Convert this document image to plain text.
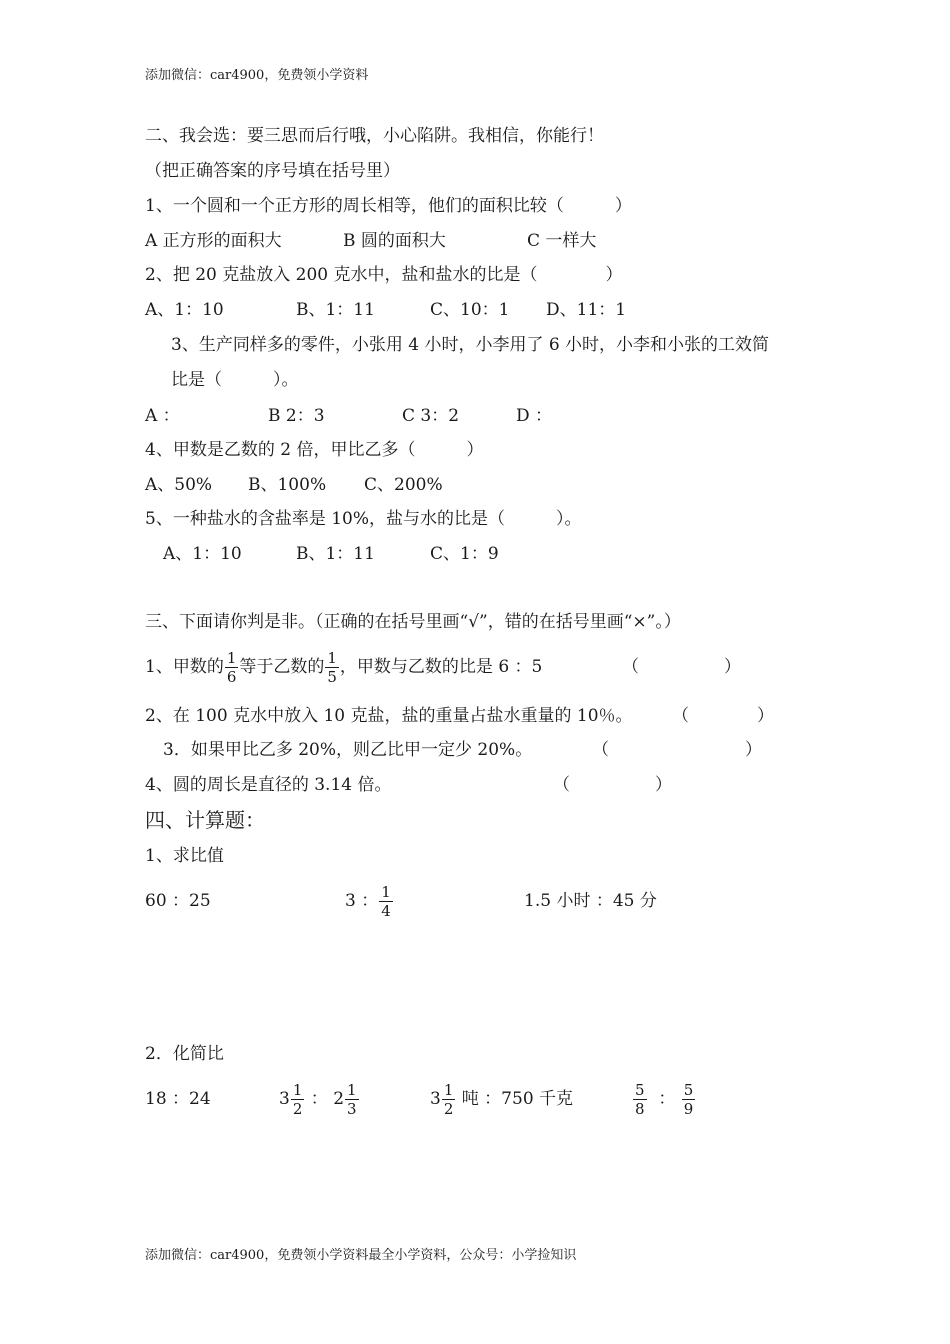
添加微信：car4900，免费领小学资料
二、我会选：要三思而后行哦，小心陷阱。我相信，你能行！
（把正确答案的序号填在括号里）
1、一个圆和一个正方形的周长相等，他们的面积比较（　　　）
A 正方形的面积大	B 圆的面积大	C 一样大
2、把 20 克盐放入 200 克水中，盐和盐水的比是（　　　　）
A、1：10	B、1：11	C、10：1 D、11：1
3、生产同样多的零件，小张用 4 小时，小李用了 6 小时，小李和小张的工效简
比是（　　　）。
A ：	B 2：3	C 3：2	D ：
4、甲数是乙数的 2 倍，甲比乙多（　　　）
A、50% B、100% C、200%
5、一种盐水的含盐率是 10%，盐与水的比是（　　　）。
A、1：10	B、1：11	C、1：9
三、下面请你判是非。（正确的在括号里画“√”，错的在括号里画“×”。）
1、甲数的 $\frac{1}{6}$ 等于乙数的 $\frac{1}{5}$ ，甲数与乙数的比是 6 ：5	（　　　　　）
2、在 100 克水中放入 10 克盐，盐的重量占盐水重量的 10％。 （　　　　）
3．如果甲比乙多 20%，则乙比甲一定少 20%。	（　　　　　　　　）
4、圆的周长是直径的 3.14 倍。	（　　　　　）
四、计算题：
1、求比值
60 ：25	3 ： $\frac{1}{4}$	1.5 小时 ：45 分
2．化简比
18 ：24	$3 \frac{1}{2}$ ： $2 \frac{1}{3}$	$3 \frac{1}{2}$ 吨 ：750 千克	$\frac{5}{8}$ ： $\frac{5}{9}$
添加微信：car4900，免费领小学资料最全小学资料，公众号：小学捡知识
